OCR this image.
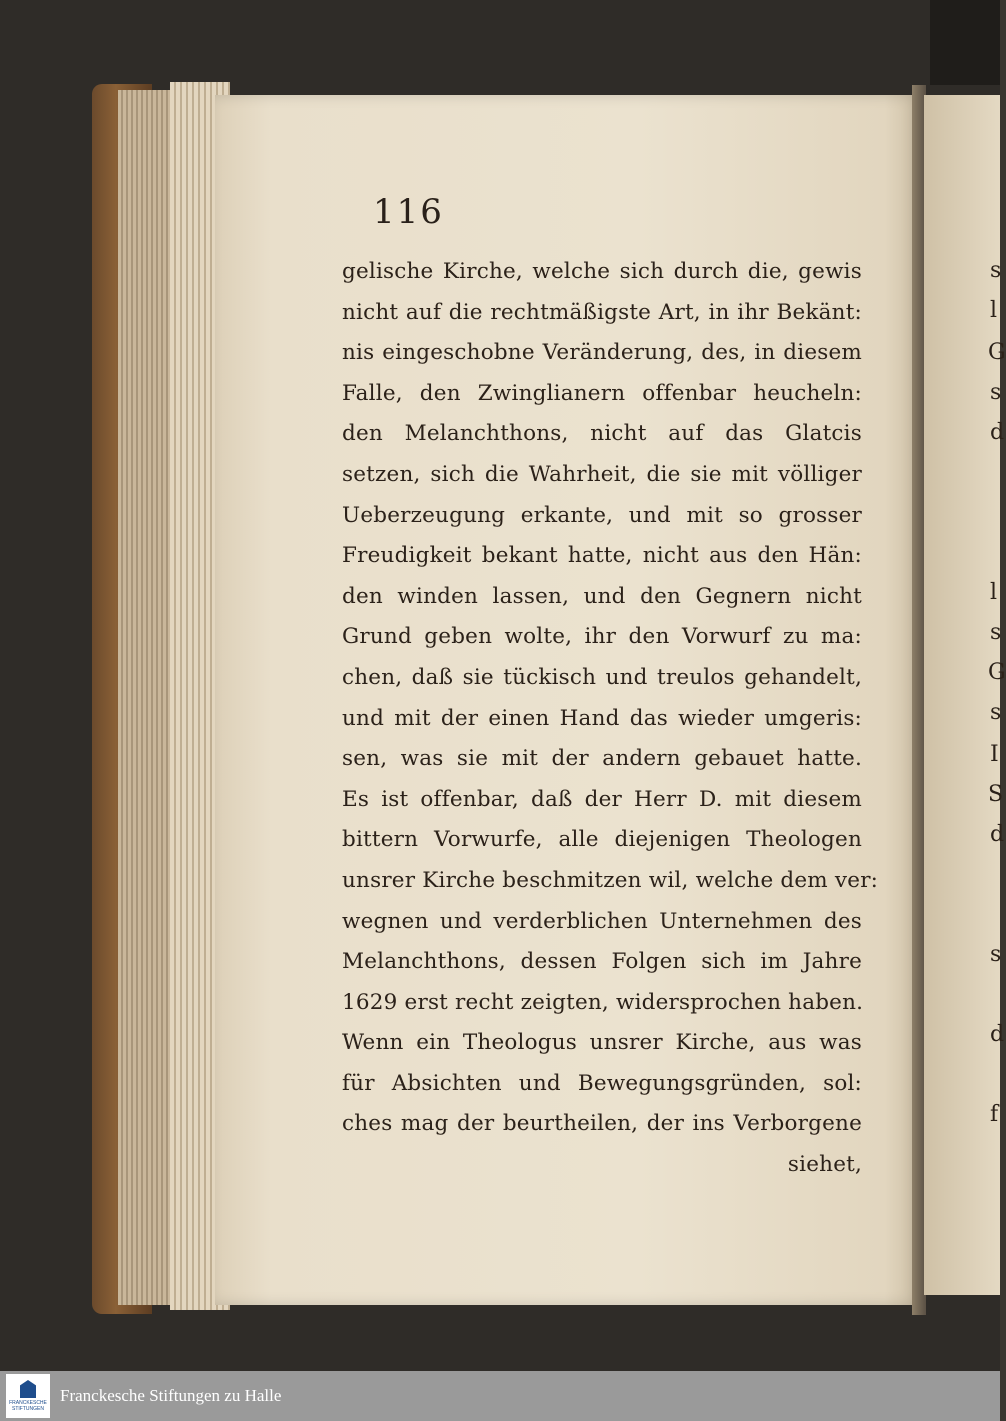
116
gelische Kirche, welche sich durch die, gewis
nicht auf die rechtmäßigste Art, in ihr Bekänt:
nis eingeschobne Veränderung, des, in diesem
Falle, den Zwinglianern offenbar heucheln:
den Melanchthons, nicht auf das Glatcis
setzen, sich die Wahrheit, die sie mit völliger
Ueberzeugung erkante, und mit so grosser
Freudigkeit bekant hatte, nicht aus den Hän:
den winden lassen, und den Gegnern nicht
Grund geben wolte, ihr den Vorwurf zu ma:
chen, daß sie tückisch und treulos gehandelt,
und mit der einen Hand das wieder umgeris:
sen, was sie mit der andern gebauet hatte.
Es ist offenbar, daß der Herr D. mit diesem
bittern Vorwurfe, alle diejenigen Theologen
unsrer Kirche beschmitzen wil, welche dem ver:
wegnen und verderblichen Unternehmen des
Melanchthons, dessen Folgen sich im Jahre
1629 erst recht zeigten, widersprochen haben.
Wenn ein Theologus unsrer Kirche, aus was
für Absichten und Bewegungsgründen, sol:
ches mag der beurtheilen, der ins Verborgene
siehet,
s
l
G
s
d
l
s
G
s
I
S
d
s
d
f
FRANCKESCHE STIFTUNGEN
Franckesche Stiftungen zu Halle
